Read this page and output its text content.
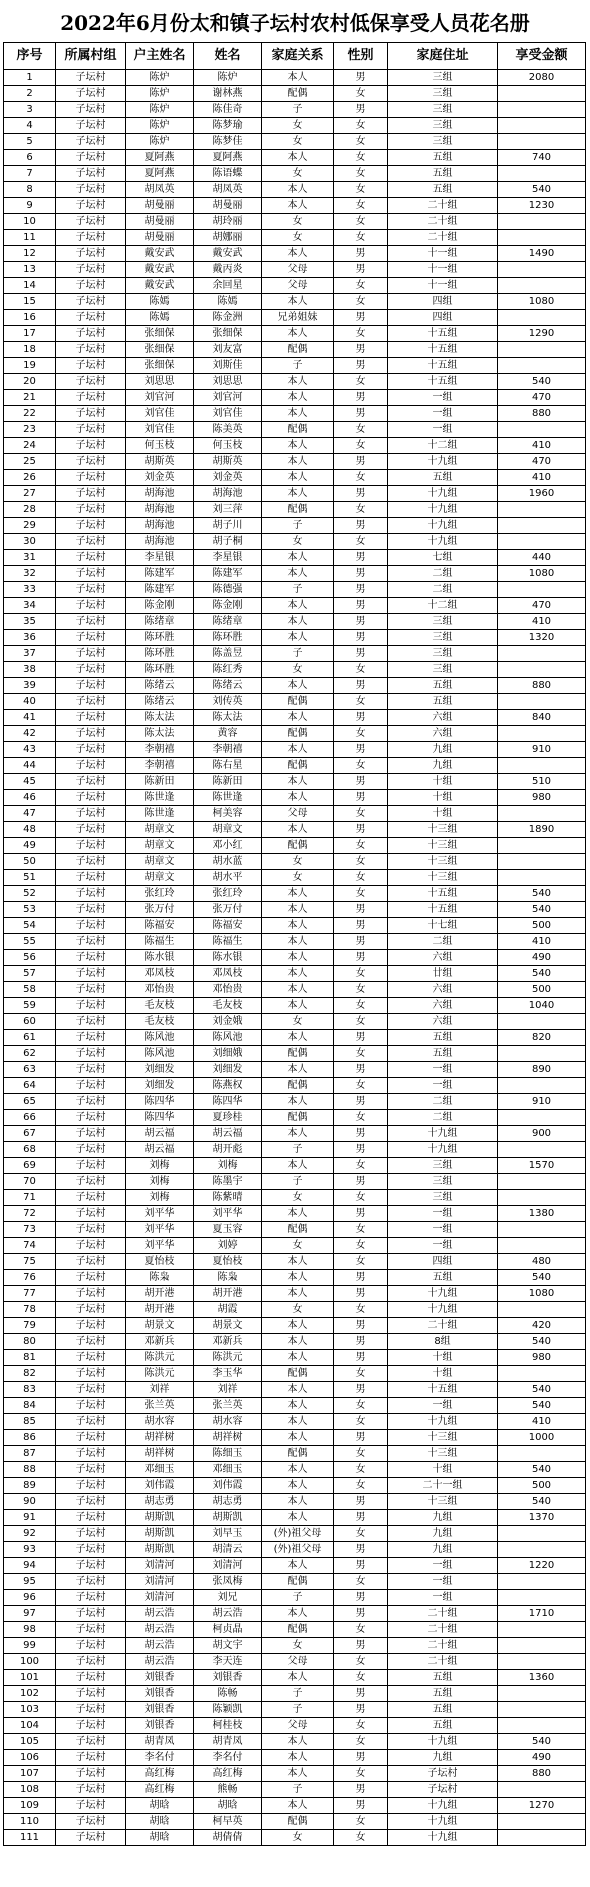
2022年6月份太和镇子坛村农村低保享受人员花名册
序号	所属村组	户主姓名	姓名	家庭关系	性别	家庭住址	享受金额
1	子坛村	陈炉	陈炉	本人	男	三组	2080
2	子坛村	陈炉	谢林燕	配偶	女	三组	
3	子坛村	陈炉	陈佳奇	子	男	三组	
4	子坛村	陈炉	陈梦瑜	女	女	三组	
5	子坛村	陈炉	陈梦佳	女	女	三组	
6	子坛村	夏阿燕	夏阿燕	本人	女	五组	740
7	子坛村	夏阿燕	陈语蝶	女	女	五组	
8	子坛村	胡凤英	胡凤英	本人	女	五组	540
9	子坛村	胡曼丽	胡曼丽	本人	女	二十组	1230
10	子坛村	胡曼丽	胡玲丽	女	女	二十组	
11	子坛村	胡曼丽	胡娜丽	女	女	二十组	
12	子坛村	戴安武	戴安武	本人	男	十一组	1490
13	子坛村	戴安武	戴丙炎	父母	男	十一组	
14	子坛村	戴安武	余回星	父母	女	十一组	
15	子坛村	陈嫣	陈嫣	本人	女	四组	1080
16	子坛村	陈嫣	陈金洲	兄弟姐妹	男	四组	
17	子坛村	张细保	张细保	本人	女	十五组	1290
18	子坛村	张细保	刘友富	配偶	男	十五组	
19	子坛村	张细保	刘斯佳	子	男	十五组	
20	子坛村	刘思思	刘思思	本人	女	十五组	540
21	子坛村	刘官河	刘官河	本人	男	一组	470
22	子坛村	刘官佳	刘官佳	本人	男	一组	880
23	子坛村	刘官佳	陈美英	配偶	女	一组	
24	子坛村	何玉枝	何玉枝	本人	女	十二组	410
25	子坛村	胡斯英	胡斯英	本人	男	十九组	470
26	子坛村	刘金英	刘金英	本人	女	五组	410
27	子坛村	胡海池	胡海池	本人	男	十九组	1960
28	子坛村	胡海池	刘三萍	配偶	女	十九组	
29	子坛村	胡海池	胡子川	子	男	十九组	
30	子坛村	胡海池	胡子桐	女	女	十九组	
31	子坛村	李星银	李星银	本人	男	七组	440
32	子坛村	陈建军	陈建军	本人	男	二组	1080
33	子坛村	陈建军	陈德强	子	男	二组	
34	子坛村	陈金刚	陈金刚	本人	男	十二组	470
35	子坛村	陈绪章	陈绪章	本人	男	三组	410
36	子坛村	陈环胜	陈环胜	本人	男	三组	1320
37	子坛村	陈环胜	陈盖昱	子	男	三组	
38	子坛村	陈环胜	陈红秀	女	女	三组	
39	子坛村	陈绪云	陈绪云	本人	男	五组	880
40	子坛村	陈绪云	刘传英	配偶	女	五组	
41	子坛村	陈太法	陈太法	本人	男	六组	840
42	子坛村	陈太法	黄容	配偶	女	六组	
43	子坛村	李朝禧	李朝禧	本人	男	九组	910
44	子坛村	李朝禧	陈右星	配偶	女	九组	
45	子坛村	陈新田	陈新田	本人	男	十组	510
46	子坛村	陈世逢	陈世逢	本人	男	十组	980
47	子坛村	陈世逢	柯美容	父母	女	十组	
48	子坛村	胡章文	胡章文	本人	男	十三组	1890
49	子坛村	胡章文	邓小红	配偶	女	十三组	
50	子坛村	胡章文	胡水蓝	女	女	十三组	
51	子坛村	胡章文	胡水平	女	女	十三组	
52	子坛村	张红玲	张红玲	本人	女	十五组	540
53	子坛村	张万付	张万付	本人	男	十五组	540
54	子坛村	陈福安	陈福安	本人	男	十七组	500
55	子坛村	陈福生	陈福生	本人	男	二组	410
56	子坛村	陈水银	陈水银	本人	男	六组	490
57	子坛村	邓凤枝	邓凤枝	本人	女	廿组	540
58	子坛村	邓怡贵	邓怡贵	本人	女	六组	500
59	子坛村	毛友枝	毛友枝	本人	女	六组	1040
60	子坛村	毛友枝	刘金娥	女	女	六组	
61	子坛村	陈风池	陈风池	本人	男	五组	820
62	子坛村	陈风池	刘细娥	配偶	女	五组	
63	子坛村	刘细发	刘细发	本人	男	一组	890
64	子坛村	刘细发	陈燕权	配偶	女	一组	
65	子坛村	陈四华	陈四华	本人	男	二组	910
66	子坛村	陈四华	夏珍桂	配偶	女	二组	
67	子坛村	胡云福	胡云福	本人	男	十九组	900
68	子坛村	胡云福	胡开彪	子	男	十九组	
69	子坛村	刘梅	刘梅	本人	女	三组	1570
70	子坛村	刘梅	陈墨宇	子	男	三组	
71	子坛村	刘梅	陈紫晴	女	女	三组	
72	子坛村	刘平华	刘平华	本人	男	一组	1380
73	子坛村	刘平华	夏玉容	配偶	女	一组	
74	子坛村	刘平华	刘婷	女	女	一组	
75	子坛村	夏怡枝	夏怡枝	本人	女	四组	480
76	子坛村	陈枭	陈枭	本人	男	五组	540
77	子坛村	胡开港	胡开港	本人	男	十九组	1080
78	子坛村	胡开港	胡霞	女	女	十九组	
79	子坛村	胡景文	胡景文	本人	男	二十组	420
80	子坛村	邓新兵	邓新兵	本人	男	8组	540
81	子坛村	陈洪元	陈洪元	本人	男	十组	980
82	子坛村	陈洪元	李玉华	配偶	女	十组	
83	子坛村	刘祥	刘祥	本人	男	十五组	540
84	子坛村	张兰英	张兰英	本人	女	一组	540
85	子坛村	胡水容	胡水容	本人	女	十九组	410
86	子坛村	胡祥树	胡祥树	本人	男	十三组	1000
87	子坛村	胡祥树	陈细玉	配偶	女	十三组	
88	子坛村	邓细玉	邓细玉	本人	女	十组	540
89	子坛村	刘伟霞	刘伟霞	本人	女	二十一组	500
90	子坛村	胡志勇	胡志勇	本人	男	十三组	540
91	子坛村	胡斯凯	胡斯凯	本人	男	九组	1370
92	子坛村	胡斯凯	刘早玉	(外)祖父母	女	九组	
93	子坛村	胡斯凯	胡清云	(外)祖父母	男	九组	
94	子坛村	刘清河	刘清河	本人	男	一组	1220
95	子坛村	刘清河	张凤梅	配偶	女	一组	
96	子坛村	刘清河	刘兄	子	男	一组	
97	子坛村	胡云浩	胡云浩	本人	男	二十组	1710
98	子坛村	胡云浩	柯贞晶	配偶	女	二十组	
99	子坛村	胡云浩	胡文宇	女	男	二十组	
100	子坛村	胡云浩	李天连	父母	女	二十组	
101	子坛村	刘银香	刘银香	本人	女	五组	1360
102	子坛村	刘银香	陈畅	子	男	五组	
103	子坛村	刘银香	陈颖凯	子	男	五组	
104	子坛村	刘银香	柯桂枝	父母	女	五组	
105	子坛村	胡青凤	胡青凤	本人	女	十九组	540
106	子坛村	李名付	李名付	本人	男	九组	490
107	子坛村	高红梅	高红梅	本人	女	子坛村	880
108	子坛村	高红梅	熊畅	子	男	子坛村	
109	子坛村	胡晗	胡晗	本人	男	十九组	1270
110	子坛村	胡晗	柯早英	配偶	女	十九组	
111	子坛村	胡晗	胡倩倩	女	女	十九组	
